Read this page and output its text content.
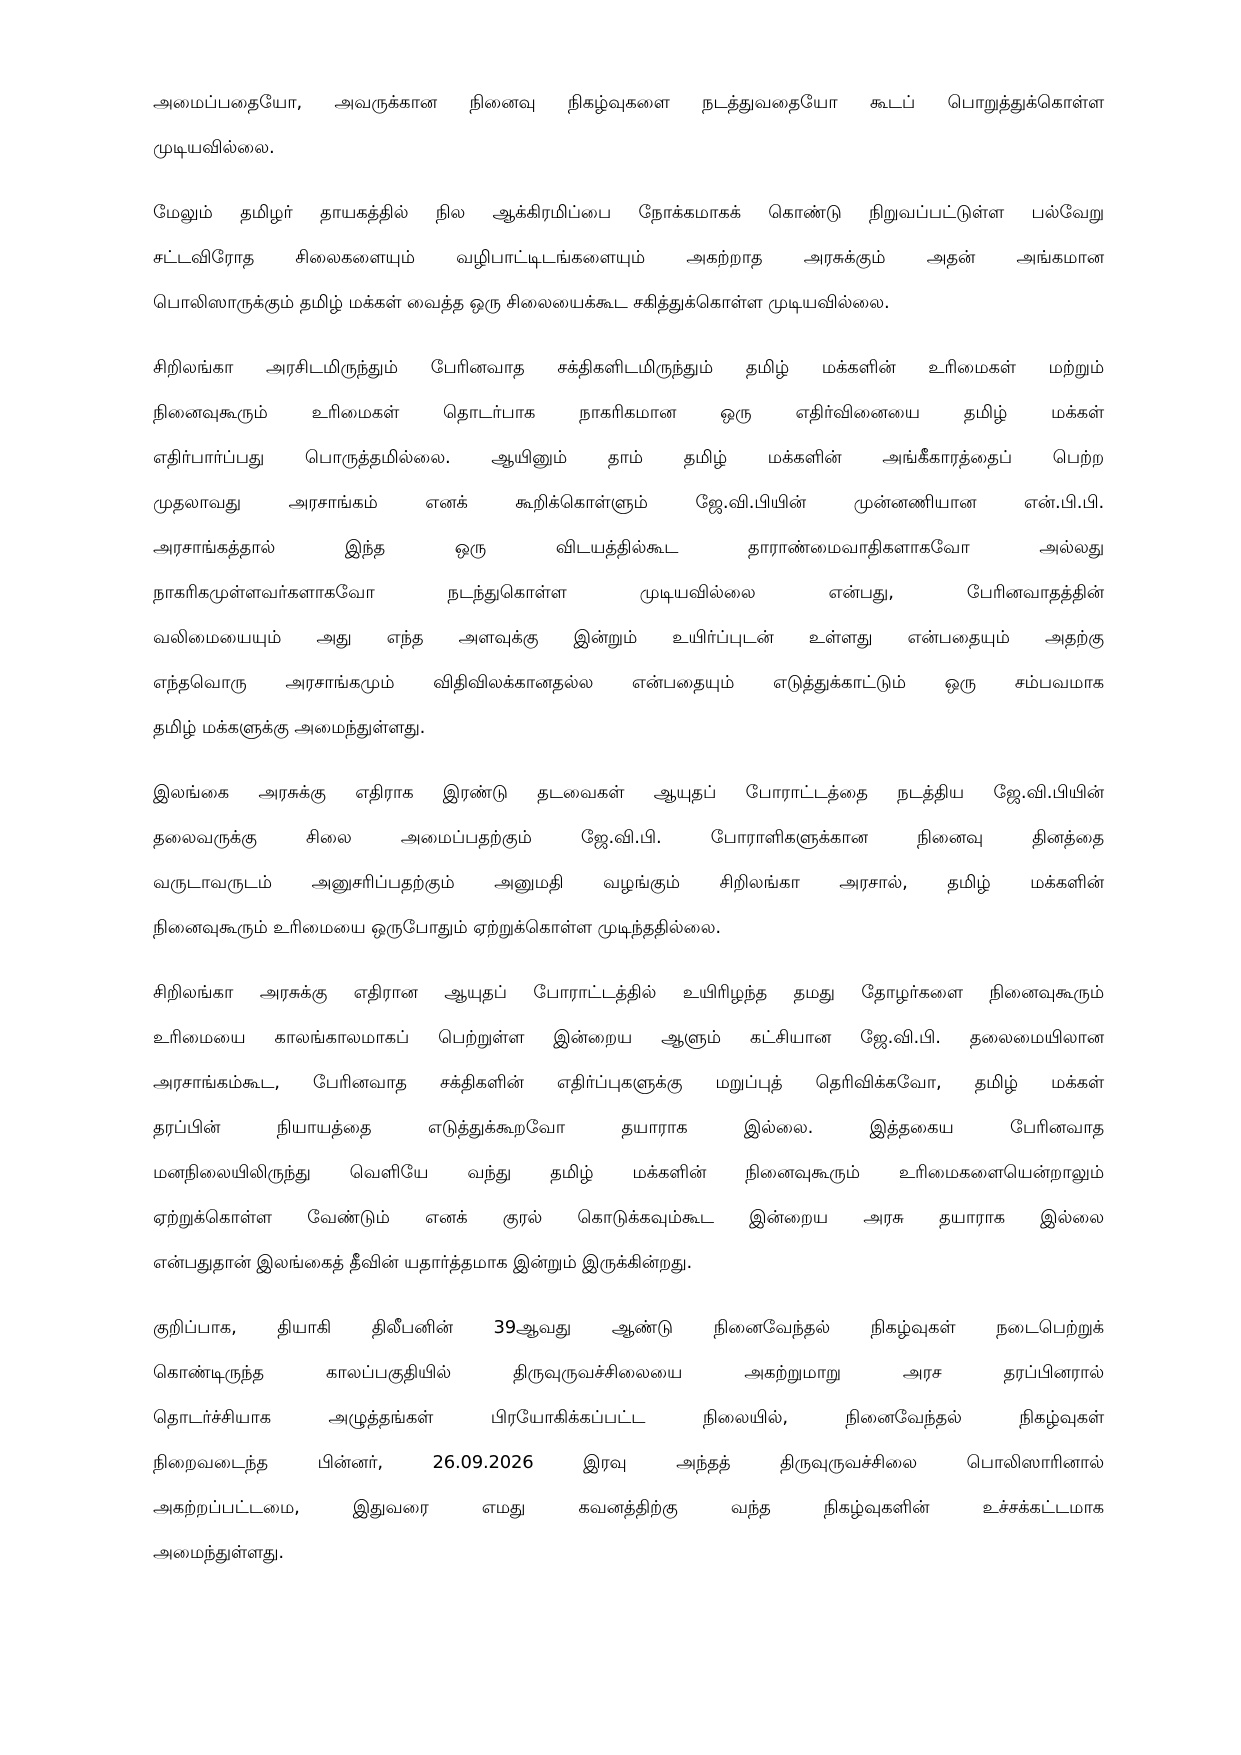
அமைப்பதையோ, அவருக்கான நினைவு நிகழ்வுகளை நடத்துவதையோ கூடப் பொறுத்துக்கொள்ள
முடியவில்லை.
மேலும் தமிழர் தாயகத்தில் நில ஆக்கிரமிப்பை நோக்கமாகக் கொண்டு நிறுவப்பட்டுள்ள பல்வேறு
சட்டவிரோத சிலைகளையும் வழிபாட்டிடங்களையும் அகற்றாத அரசுக்கும் அதன் அங்கமான
பொலிஸாருக்கும் தமிழ் மக்கள் வைத்த ஒரு சிலையைக்கூட சகித்துக்கொள்ள முடியவில்லை.
சிறிலங்கா அரசிடமிருந்தும் பேரினவாத சக்திகளிடமிருந்தும் தமிழ் மக்களின் உரிமைகள் மற்றும்
நினைவுகூரும் உரிமைகள் தொடர்பாக நாகரிகமான ஒரு எதிர்வினையை தமிழ் மக்கள்
எதிர்பார்ப்பது பொருத்தமில்லை. ஆயினும் தாம் தமிழ் மக்களின் அங்கீகாரத்தைப் பெற்ற
முதலாவது அரசாங்கம் எனக் கூறிக்கொள்ளும் ஜே.வி.பியின் முன்னணியான என்.பி.பி.
அரசாங்கத்தால் இந்த ஒரு விடயத்தில்கூட தாராண்மைவாதிகளாகவோ அல்லது
நாகரிகமுள்ளவர்களாகவோ நடந்துகொள்ள முடியவில்லை என்பது, பேரினவாதத்தின்
வலிமையையும் அது எந்த அளவுக்கு இன்றும் உயிர்ப்புடன் உள்ளது என்பதையும் அதற்கு
எந்தவொரு அரசாங்கமும் விதிவிலக்கானதல்ல என்பதையும் எடுத்துக்காட்டும் ஒரு சம்பவமாக
தமிழ் மக்களுக்கு அமைந்துள்ளது.
இலங்கை அரசுக்கு எதிராக இரண்டு தடவைகள் ஆயுதப் போராட்டத்தை நடத்திய ஜே.வி.பியின்
தலைவருக்கு சிலை அமைப்பதற்கும் ஜே.வி.பி. போராளிகளுக்கான நினைவு தினத்தை
வருடாவருடம் அனுசரிப்பதற்கும் அனுமதி வழங்கும் சிறிலங்கா அரசால், தமிழ் மக்களின்
நினைவுகூரும் உரிமையை ஒருபோதும் ஏற்றுக்கொள்ள முடிந்ததில்லை.
சிறிலங்கா அரசுக்கு எதிரான ஆயுதப் போராட்டத்தில் உயிரிழந்த தமது தோழர்களை நினைவுகூரும்
உரிமையை காலங்காலமாகப் பெற்றுள்ள இன்றைய ஆளும் கட்சியான ஜே.வி.பி. தலைமையிலான
அரசாங்கம்கூட, பேரினவாத சக்திகளின் எதிர்ப்புகளுக்கு மறுப்புத் தெரிவிக்கவோ, தமிழ் மக்கள்
தரப்பின் நியாயத்தை எடுத்துக்கூறவோ தயாராக இல்லை. இத்தகைய பேரினவாத
மனநிலையிலிருந்து வெளியே வந்து தமிழ் மக்களின் நினைவுகூரும் உரிமைகளையென்றாலும்
ஏற்றுக்கொள்ள வேண்டும் எனக் குரல் கொடுக்கவும்கூட இன்றைய அரசு தயாராக இல்லை
என்பதுதான் இலங்கைத் தீவின் யதார்த்தமாக இன்றும் இருக்கின்றது.
குறிப்பாக, தியாகி திலீபனின் 39ஆவது ஆண்டு நினைவேந்தல் நிகழ்வுகள் நடைபெற்றுக்
கொண்டிருந்த காலப்பகுதியில் திருவுருவச்சிலையை அகற்றுமாறு அரச தரப்பினரால்
தொடர்ச்சியாக அழுத்தங்கள் பிரயோகிக்கப்பட்ட நிலையில், நினைவேந்தல் நிகழ்வுகள்
நிறைவடைந்த பின்னர், 26.09.2026 இரவு அந்தத் திருவுருவச்சிலை பொலிஸாரினால்
அகற்றப்பட்டமை, இதுவரை எமது கவனத்திற்கு வந்த நிகழ்வுகளின் உச்சக்கட்டமாக
அமைந்துள்ளது.
